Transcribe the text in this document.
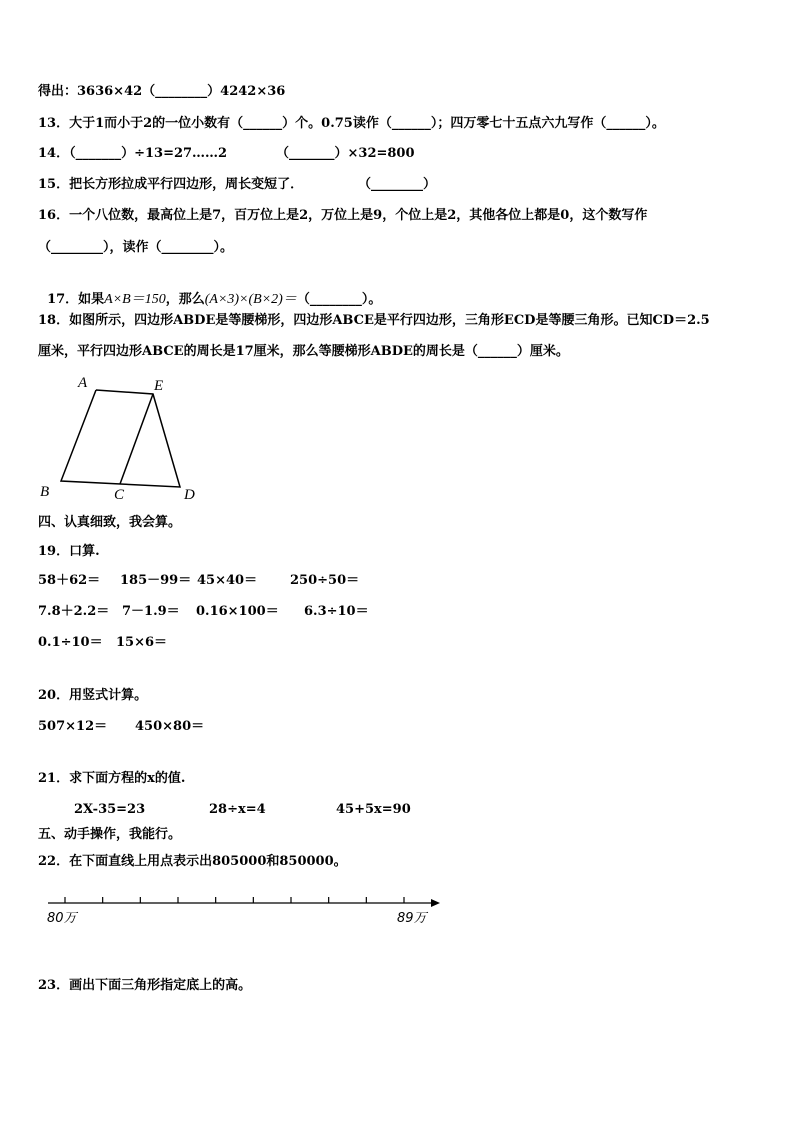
得出：3636×42（________）4242×36
13．大于1而小于2的一位小数有（______）个。0.75读作（______）；四万零七十五点六九写作（______）。
14．（_______）÷13=27……2	（_______）×32=800
15．把长方形拉成平行四边形，周长变短了．	（________）
16．一个八位数，最高位上是7，百万位上是2，万位上是9，个位上是2，其他各位上都是0，这个数写作
（________），读作（________）。

17．如果A×B＝150，那么(A×3)×(B×2)＝（________）。

18．如图所示，四边形ABDE是等腰梯形，四边形ABCE是平行四边形，三角形ECD是等腰三角形。已知CD＝2.5
厘米，平行四边形ABCE的周长是17厘米，那么等腰梯形ABDE的周长是（______）厘米。
A	E
B	C	D
四、认真细致，我会算。
19．口算.
58＋62＝ 185－99＝ 45×40＝	250÷50＝
7.8＋2.2＝ 7－1.9＝ 0.16×100＝ 6.3÷10＝
0.1÷10＝ 15×6＝
20．用竖式计算。
507×12＝ 450×80＝
21．求下面方程的x的值.
2X-35=23	28÷x=4	45+5x=90
五、动手操作，我能行。
22．在下面直线上用点表示出805000和850000。
80万	89万
23．画出下面三角形指定底上的高。
